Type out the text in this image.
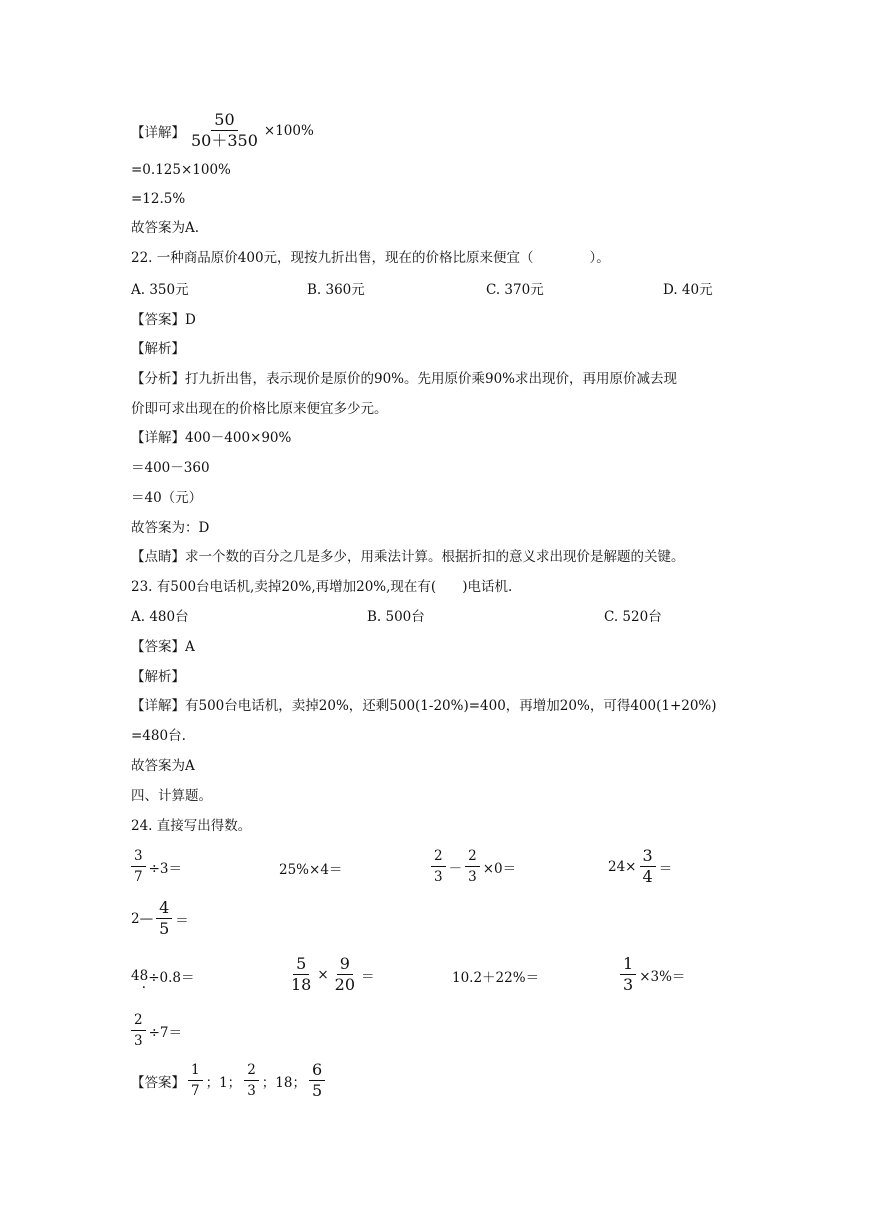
【详解】 $\frac{50}{50+350} \times 100\%$
=0.125×100%
=12.5%
故答案为A.
22. 一种商品原价400元，现按九折出售，现在的价格比原来便宜（	）。
A. 350元	B. 360元	C. 370元	D. 40元
【答案】D
【解析】
【分析】打九折出售，表示现价是原价的90%。先用原价乘90%求出现价，再用原价减去现
价即可求出现在的价格比原来便宜多少元。
【详解】400－400×90%
＝400－360
＝40（元）
故答案为：D
【点睛】求一个数的百分之几是多少，用乘法计算。根据折扣的意义求出现价是解题的关键。
23. 有500台电话机,卖掉20%,再增加20%,现在有( )电话机.
A. 480台	B. 500台	C. 520台
【答案】A
【解析】
【详解】有500台电话机，卖掉20%，还剩500(1-20%)=400，再增加20%，可得400(1+20%)
=480台.
故答案为A
四、计算题。
24. 直接写出得数。
$\frac{3}{7} \div 3=$	25%×4＝	$\frac{2}{3} - \frac{2}{3} \times 0=$	$24\times \frac{3}{4}$ ＝
2— $\frac{4}{5}$ ＝
4 8 · ÷0.8＝	$\frac{5}{18} \times \frac{9}{20}$ ＝	10.2＋22%＝	$\frac{1}{3} \times 3\%=$
$\frac{2}{3} \div 7=$
【答案】 $\frac{1}{7}$ ；1； $\frac{2}{3}$ ；18； $\frac{6}{5}$
